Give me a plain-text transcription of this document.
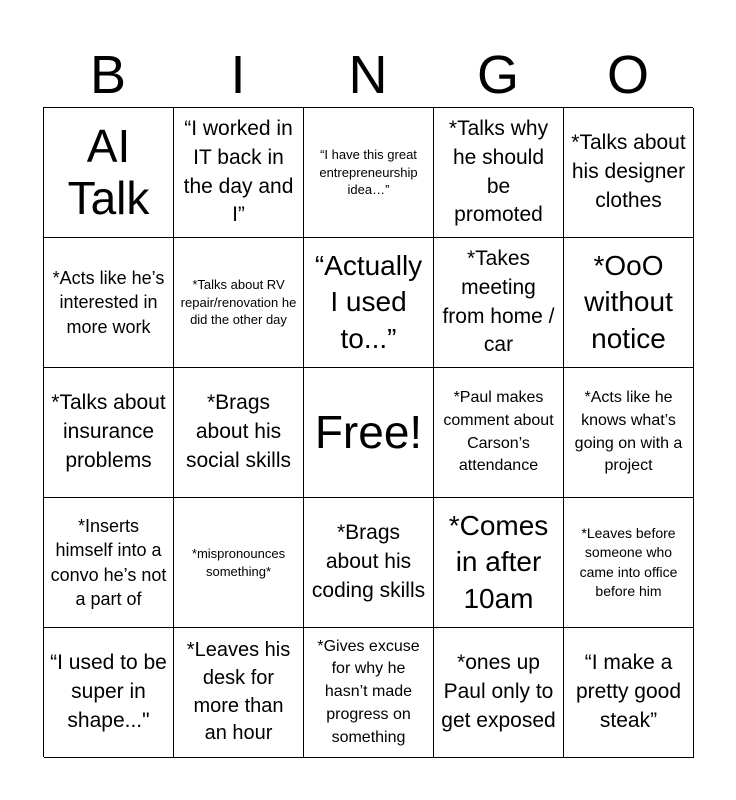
B	I	N	G	O
AI Talk
“I worked in IT back in the day and I”
“I have this great entrepreneurship idea…”
*Talks why he should be promoted
*Talks about his designer clothes
*Acts like he’s interested in more work
*Talks about RV repair/renovation he did the other day
“Actually I used to...”
*Takes meeting from home / car
*OoO without notice
*Talks about insurance problems
*Brags about his social skills
Free!
*Paul makes comment about Carson’s attendance
*Acts like he knows what’s going on with a project
*Inserts himself into a convo he’s not a part of
*mispronounces something*
*Brags about his coding skills
*Comes in after 10am
*Leaves before someone who came into office before him
“I used to be super in shape..."
*Leaves his desk for more than an hour
*Gives excuse for why he hasn’t made progress on something
*ones up Paul only to get exposed
“I make a pretty good steak”
